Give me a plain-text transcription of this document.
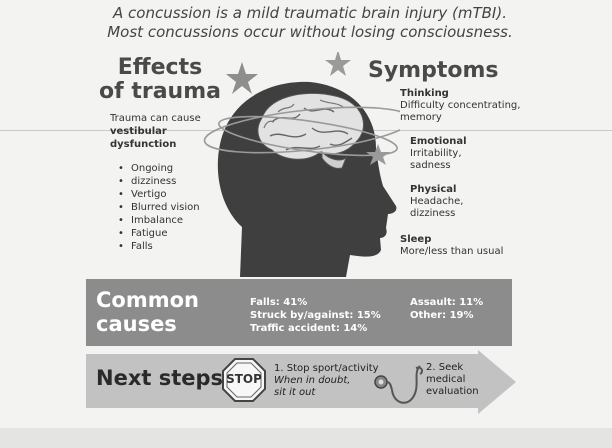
A concussion is a mild traumatic brain injury (mTBI).
Most concussions occur without losing consciousness.
Effects
of trauma
Symptoms
Trauma can cause
vestibular
dysfunction
• Ongoing
• dizziness
• Vertigo
• Blurred vision
• Imbalance
• Fatigue
• Falls
Thinking
Difficulty concentrating,
memory
Emotional
Irritability,
sadness
Physical
Headache,
dizziness
Sleep
More/less than usual
Common
causes
Falls: 41%
Struck by/against: 15%
Traffic accident: 14%
Assault: 11%
Other: 19%
Next steps STOP
1. Stop sport/activity
When in doubt,
sit it out
2. Seek
medical
evaluation
